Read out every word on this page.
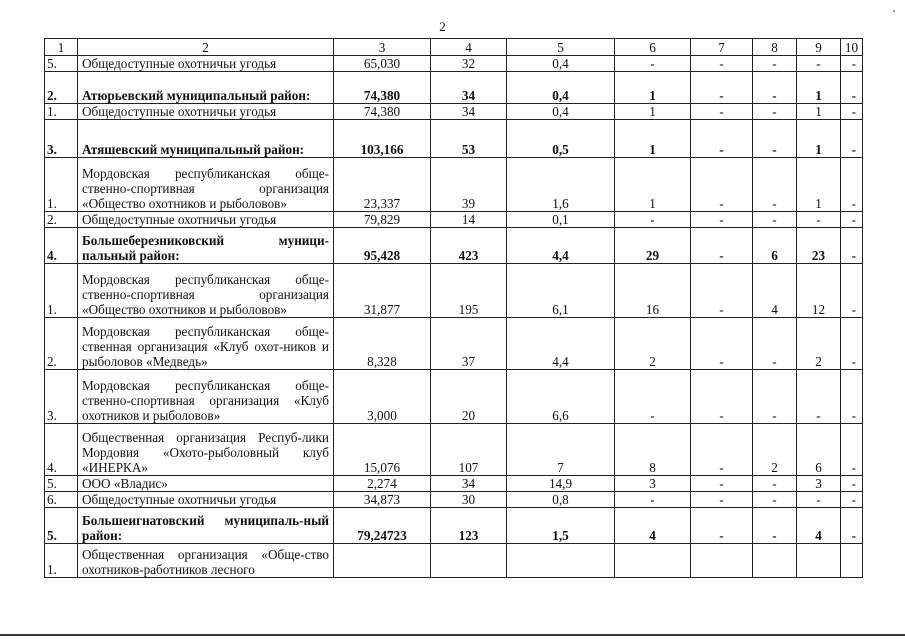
2
1	2	3	4	5	6	7	8	9	10
5.	Общедоступные охотничьи угодья	65,030	32	0,4	-	-	-	-	-
2.	Атюрьевский муниципальный район:	74,380	34	0,4	1	-	-	1	-
1.	Общедоступные охотничьи угодья	74,380	34	0,4	1	-	-	1	-
3.	Атяшевский муниципальный район:	103,166	53	0,5	1	-	-	1	-
1.	Мордовская республиканская обще-ственно-спортивная организация «Общество охотников и рыболовов»	23,337	39	1,6	1	-	-	1	-
2.	Общедоступные охотничьи угодья	79,829	14	0,1	-	-	-	-	-
4.	Большеберезниковский муници-пальный район:	95,428	423	4,4	29	-	6	23	-
1.	Мордовская республиканская обще-ственно-спортивная организация «Общество охотников и рыболовов»	31,877	195	6,1	16	-	4	12	-
2.	Мордовская республиканская обще-ственная организация «Клуб охот-ников и рыболовов «Медведь»	8,328	37	4,4	2	-	-	2	-
3.	Мордовская республиканская обще-ственно-спортивная организация «Клуб охотников и рыболовов»	3,000	20	6,6	-	-	-	-	-
4.	Общественная организация Респуб-лики Мордовия «Охото-рыболовный клуб «ИНЕРКА»	15,076	107	7	8	-	2	6	-
5.	ООО «Владис»	2,274	34	14,9	3	-	-	3	-
6.	Общедоступные охотничьи угодья	34,873	30	0,8	-	-	-	-	-
5.	Большеигнатовский муниципаль-ный район:	79,24723	123	1,5	4	-	-	4	-
1.	Общественная организация «Обще-ство охотников-работников лесного								
